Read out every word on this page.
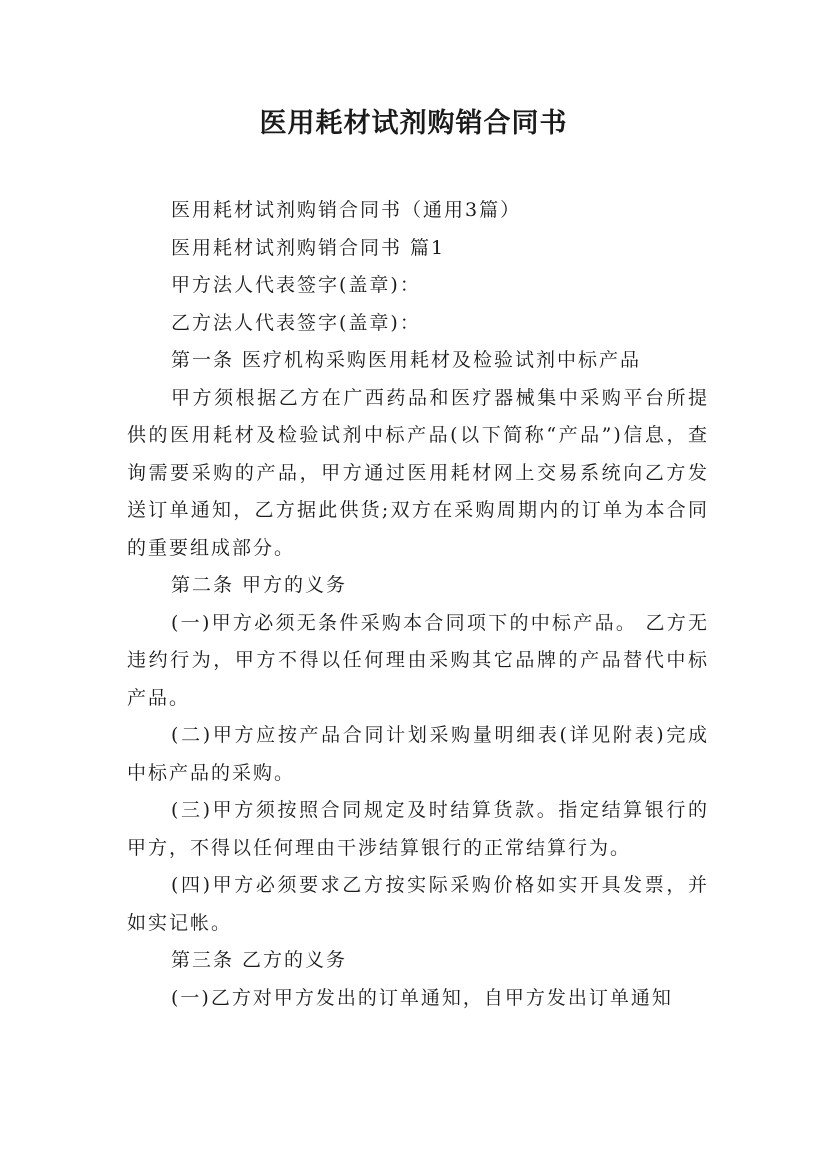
医用耗材试剂购销合同书

医用耗材试剂购销合同书（通用3篇）

医用耗材试剂购销合同书 篇1

甲方法人代表签字(盖章)：

乙方法人代表签字(盖章)：

第一条 医疗机构采购医用耗材及检验试剂中标产品

甲方须根据乙方在广西药品和医疗器械集中采购平台所提供的医用耗材及检验试剂中标产品(以下简称“产品”)信息，查询需要采购的产品，甲方通过医用耗材网上交易系统向乙方发送订单通知，乙方据此供货;双方在采购周期内的订单为本合同的重要组成部分。

第二条 甲方的义务

(一)甲方必须无条件采购本合同项下的中标产品。 乙方无违约行为，甲方不得以任何理由采购其它品牌的产品替代中标产品。

(二)甲方应按产品合同计划采购量明细表(详见附表)完成中标产品的采购。

(三)甲方须按照合同规定及时结算货款。指定结算银行的甲方，不得以任何理由干涉结算银行的正常结算行为。

(四)甲方必须要求乙方按实际采购价格如实开具发票，并如实记帐。

第三条 乙方的义务

(一)乙方对甲方发出的订单通知，自甲方发出订单通知
